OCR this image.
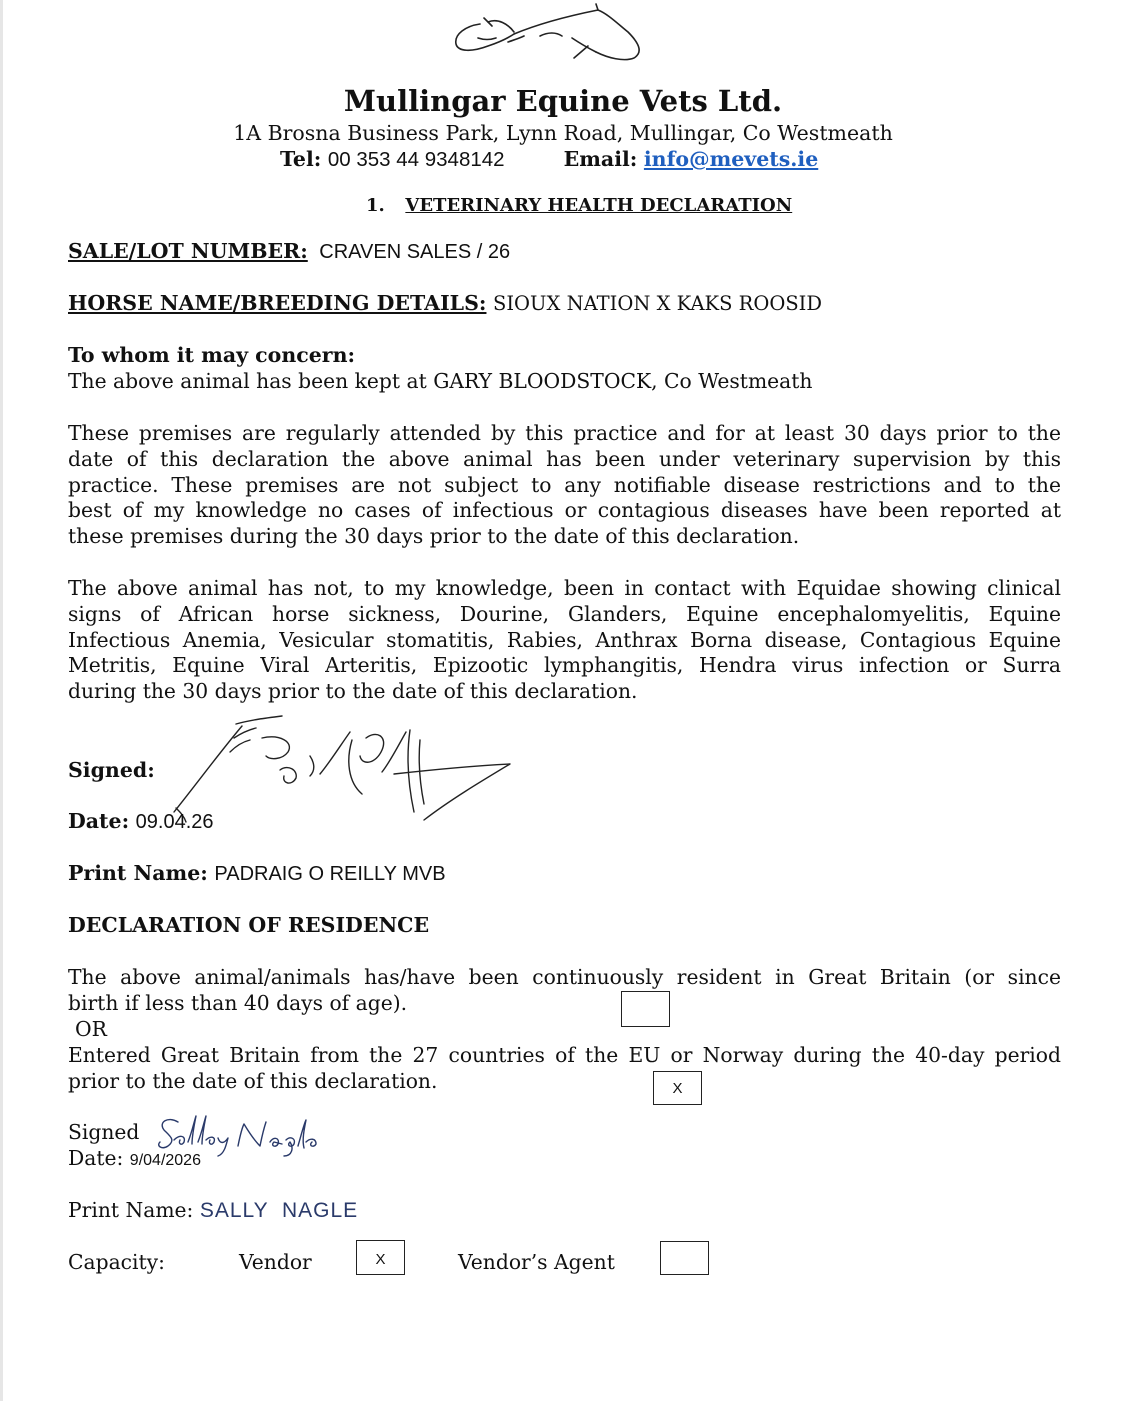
Mullingar Equine Vets Ltd.
1A Brosna Business Park, Lynn Road, Mullingar, Co Westmeath
Tel: 00 353 44 9348142	Email: info@mevets.ie
1. VETERINARY HEALTH DECLARATION
SALE/LOT NUMBER: CRAVEN SALES / 26
HORSE NAME/BREEDING DETAILS: SIOUX NATION X KAKS ROOSID
To whom it may concern:
The above animal has been kept at GARY BLOODSTOCK, Co Westmeath
These premises are regularly attended by this practice and for at least 30 days prior to the
date of this declaration the above animal has been under veterinary supervision by this
practice. These premises are not subject to any notifiable disease restrictions and to the
best of my knowledge no cases of infectious or contagious diseases have been reported at
these premises during the 30 days prior to the date of this declaration.
The above animal has not, to my knowledge, been in contact with Equidae showing clinical
signs of African horse sickness, Dourine, Glanders, Equine encephalomyelitis, Equine
Infectious Anemia, Vesicular stomatitis, Rabies, Anthrax Borna disease, Contagious Equine
Metritis, Equine Viral Arteritis, Epizootic lymphangitis, Hendra virus infection or Surra
during the 30 days prior to the date of this declaration.
Signed:
Date: 09.04.26
Print Name: PADRAIG O REILLY MVB
DECLARATION OF RESIDENCE
The above animal/animals has/have been continuously resident in Great Britain (or since
birth if less than 40 days of age).
OR
Entered Great Britain from the 27 countries of the EU or Norway during the 40-day period
prior to the date of this declaration.	X
Signed
Date: 9/04/2026
Print Name: SALLY  NAGLE
Capacity:	Vendor	X	Vendor’s Agent
